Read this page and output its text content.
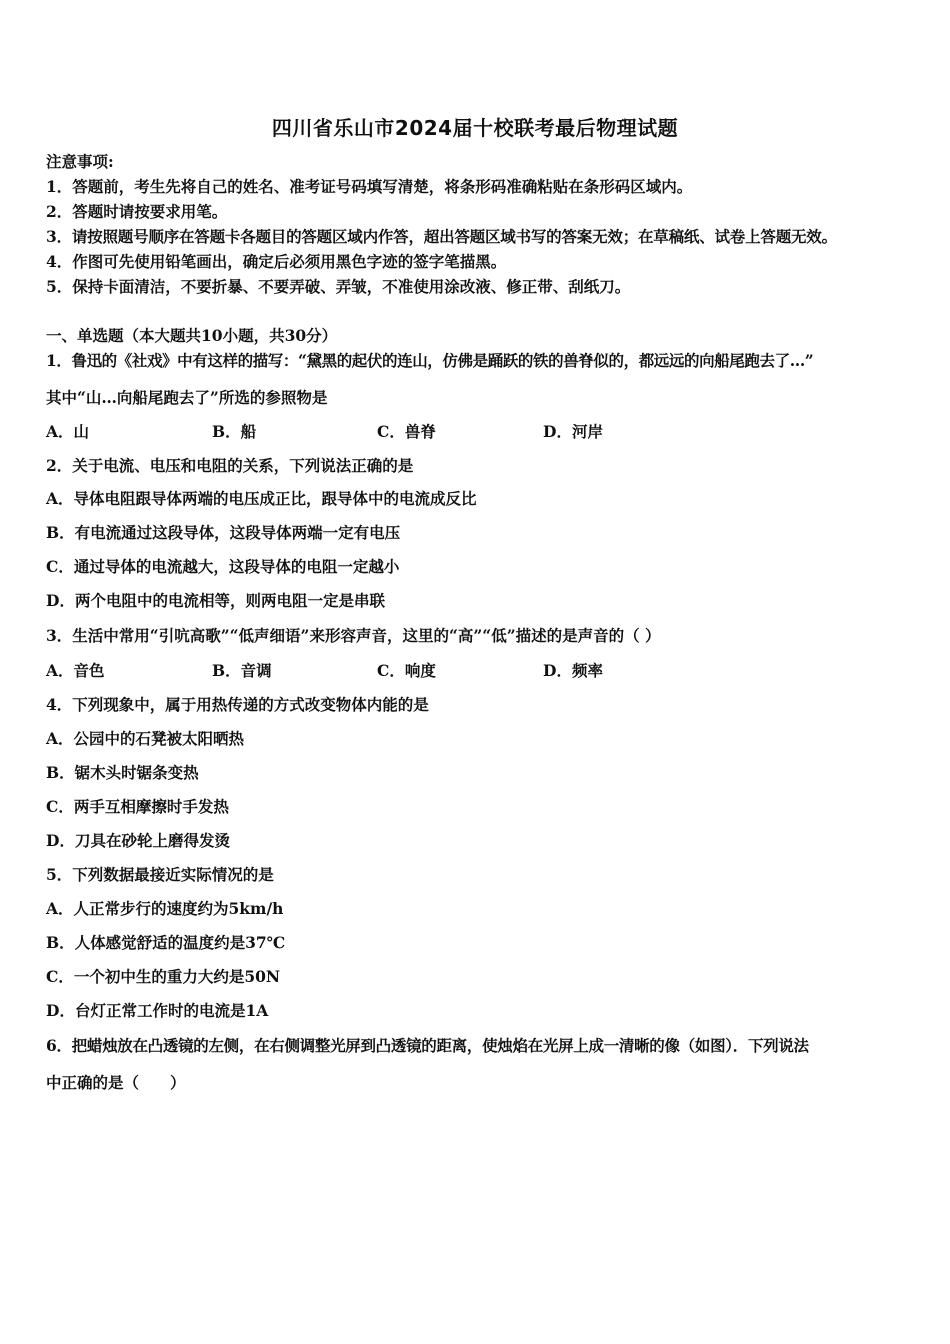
四川省乐山市2024届十校联考最后物理试题
注意事项:
1．答题前，考生先将自己的姓名、准考证号码填写清楚，将条形码准确粘贴在条形码区域内。
2．答题时请按要求用笔。
3．请按照题号顺序在答题卡各题目的答题区域内作答，超出答题区域书写的答案无效；在草稿纸、试卷上答题无效。
4．作图可先使用铅笔画出，确定后必须用黑色字迹的签字笔描黑。
5．保持卡面清洁，不要折暴、不要弄破、弄皱，不准使用涂改液、修正带、刮纸刀。
一、单选题（本大题共10小题，共30分）
1．鲁迅的《社戏》中有这样的描写：“黛黑的起伏的连山，仿佛是踊跃的铁的兽脊似的，都远远的向船尾跑去了…”
其中“山…向船尾跑去了”所选的参照物是
A．山	B．船	C．兽脊	D．河岸
2．关于电流、电压和电阻的关系，下列说法正确的是
A．导体电阻跟导体两端的电压成正比，跟导体中的电流成反比
B．有电流通过这段导体，这段导体两端一定有电压
C．通过导体的电流越大，这段导体的电阻一定越小
D．两个电阻中的电流相等，则两电阻一定是串联
3．生活中常用“引吭高歌”“低声细语”来形容声音，这里的“高”“低”描述的是声音的（ ）
A．音色	B．音调	C．响度	D．频率
4．下列现象中，属于用热传递的方式改变物体内能的是
A．公园中的石凳被太阳晒热
B．锯木头时锯条变热
C．两手互相摩擦时手发热
D．刀具在砂轮上磨得发烫
5．下列数据最接近实际情况的是
A．人正常步行的速度约为5km/h
B．人体感觉舒适的温度约是37℃
C．一个初中生的重力大约是50N
D．台灯正常工作时的电流是1A
6．把蜡烛放在凸透镜的左侧，在右侧调整光屏到凸透镜的距离，使烛焰在光屏上成一清晰的像（如图）．下列说法
中正确的是（　　）
